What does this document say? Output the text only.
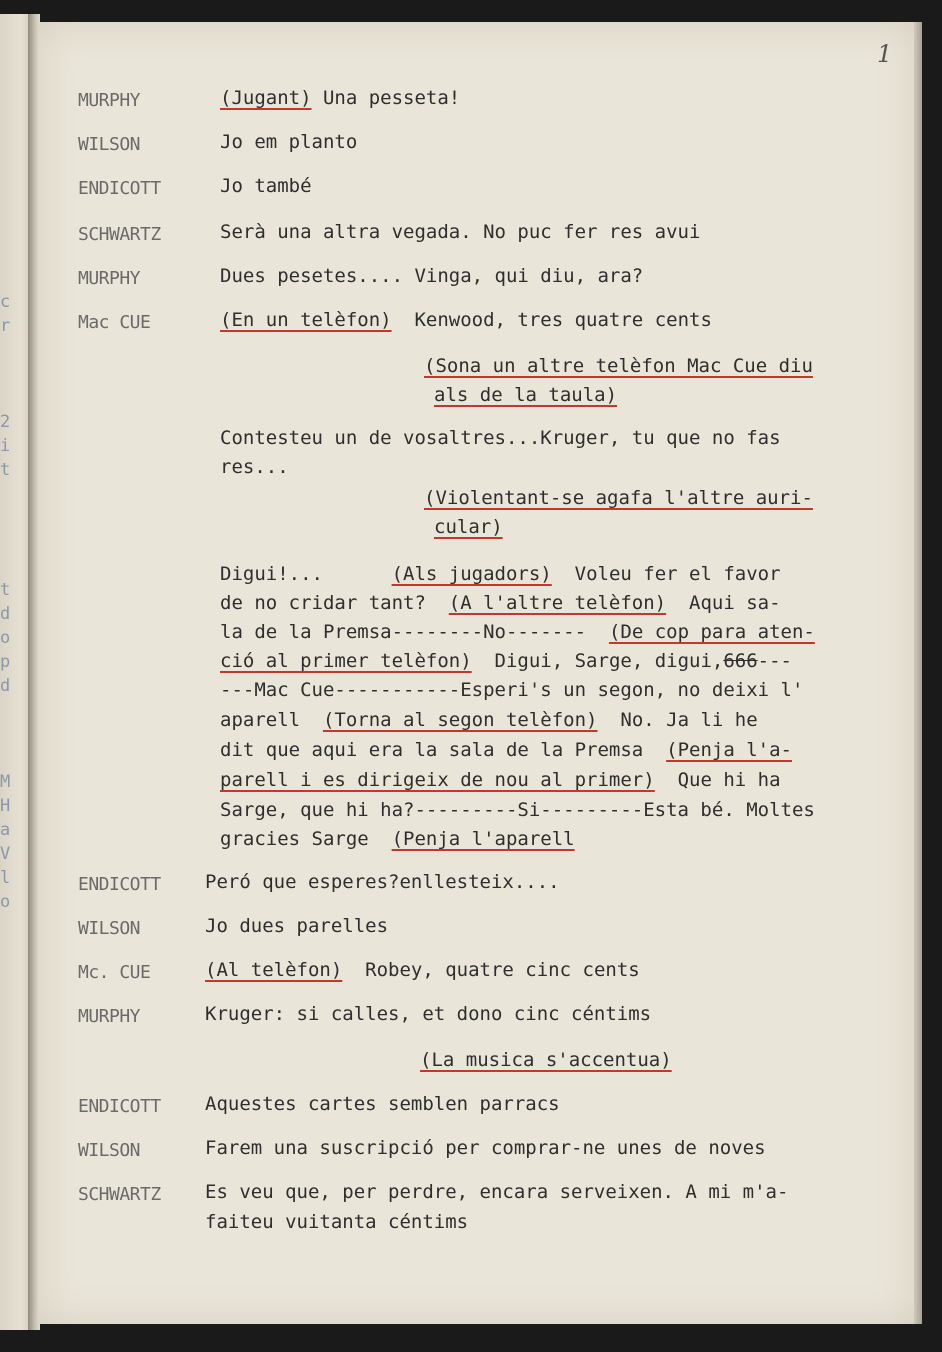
c
r

2
i
t

t
d
o
p
d

M
H
a
V
l
o
1
MURPHY	(Jugant) Una pesseta!
WILSON	Jo em planto
ENDICOTT	Jo també
SCHWARTZ	Serà una altra vegada. No puc fer res avui
MURPHY	Dues pesetes.... Vinga, qui diu, ara?
Mac CUE	(En un telèfon)  Kenwood, tres quatre cents
(Sona un altre telèfon Mac Cue diu
als de la taula)
Contesteu un de vosaltres...Kruger, tu que no fas
res...
(Violentant-se agafa l'altre auri-
cular)
Digui!...      (Als jugadors)  Voleu fer el favor
de no cridar tant?  (A l'altre telèfon)  Aqui sa-
la de la Premsa--------No-------  (De cop para aten-
ció al primer telèfon)  Digui, Sarge, digui,666---
---Mac Cue-----------Esperi's un segon, no deixi l'
aparell  (Torna al segon telèfon)  No. Ja li he
dit que aqui era la sala de la Premsa  (Penja l'a-
parell i es dirigeix de nou al primer)  Que hi ha
Sarge, que hi ha?---------Si---------Esta bé. Moltes
gracies Sarge  (Penja l'aparell
ENDICOTT Peró que esperes?enllesteix....
WILSON	Jo dues parelles
Mc. CUE	(Al telèfon)  Robey, quatre cinc cents
MURPHY	Kruger: si calles, et dono cinc céntims
(La musica s'accentua)
ENDICOTT Aquestes cartes semblen parracs
WILSON	Farem una suscripció per comprar-ne unes de noves
SCHWARTZ Es veu que, per perdre, encara serveixen. A mi m'a-
faiteu vuitanta céntims
